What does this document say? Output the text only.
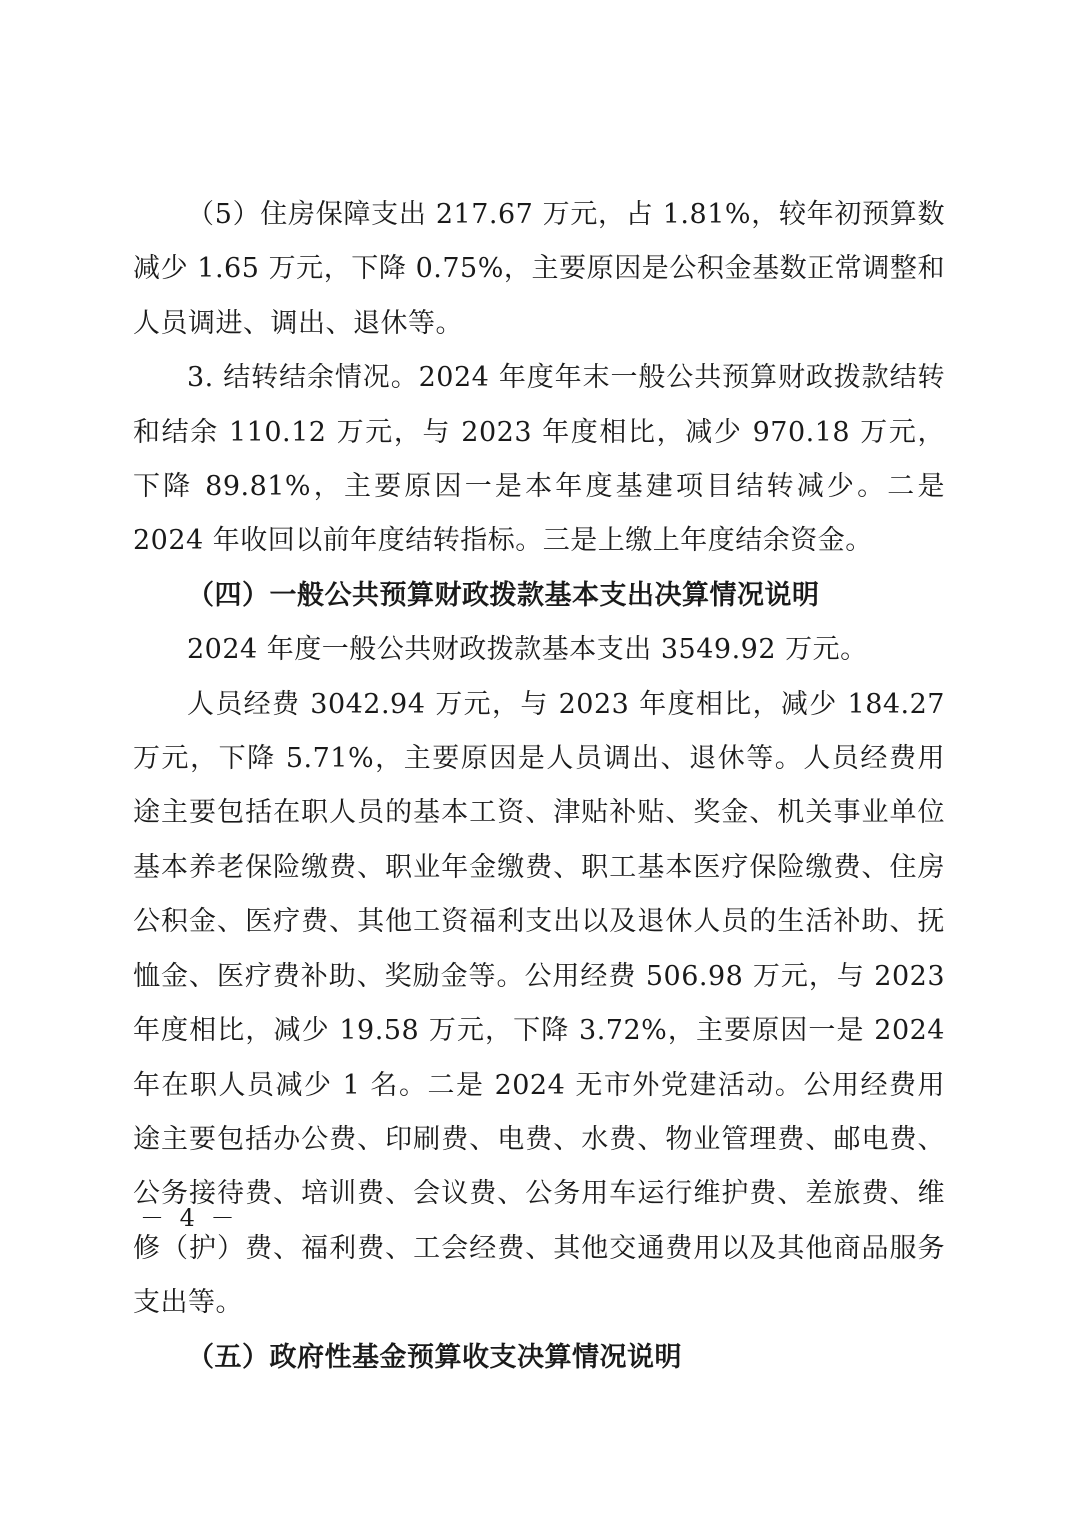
（5）住房保障支出 217.67 万元，占 1.81%，较年初预算数减少 1.65 万元，下降 0.75%，主要原因是公积金基数正常调整和人员调进、调出、退休等。

3. 结转结余情况。2024 年度年末一般公共预算财政拨款结转和结余 110.12 万元，与 2023 年度相比，减少 970.18 万元，下降 89.81%，主要原因一是本年度基建项目结转减少。二是 2024 年收回以前年度结转指标。三是上缴上年度结余资金。

（四）一般公共预算财政拨款基本支出决算情况说明

2024 年度一般公共财政拨款基本支出 3549.92 万元。

人员经费 3042.94 万元，与 2023 年度相比，减少 184.27 万元，下降 5.71%，主要原因是人员调出、退休等。人员经费用途主要包括在职人员的基本工资、津贴补贴、奖金、机关事业单位基本养老保险缴费、职业年金缴费、职工基本医疗保险缴费、住房公积金、医疗费、其他工资福利支出以及退休人员的生活补助、抚恤金、医疗费补助、奖励金等。公用经费 506.98 万元，与 2023 年度相比，减少 19.58 万元，下降 3.72%，主要原因一是 2024 年在职人员减少 1 名。二是 2024 无市外党建活动。公用经费用途主要包括办公费、印刷费、电费、水费、物业管理费、邮电费、公务接待费、培训费、会议费、公务用车运行维护费、差旅费、维修（护）费、福利费、工会经费、其他交通费用以及其他商品服务支出等。

（五）政府性基金预算收支决算情况说明

－ 4 －
